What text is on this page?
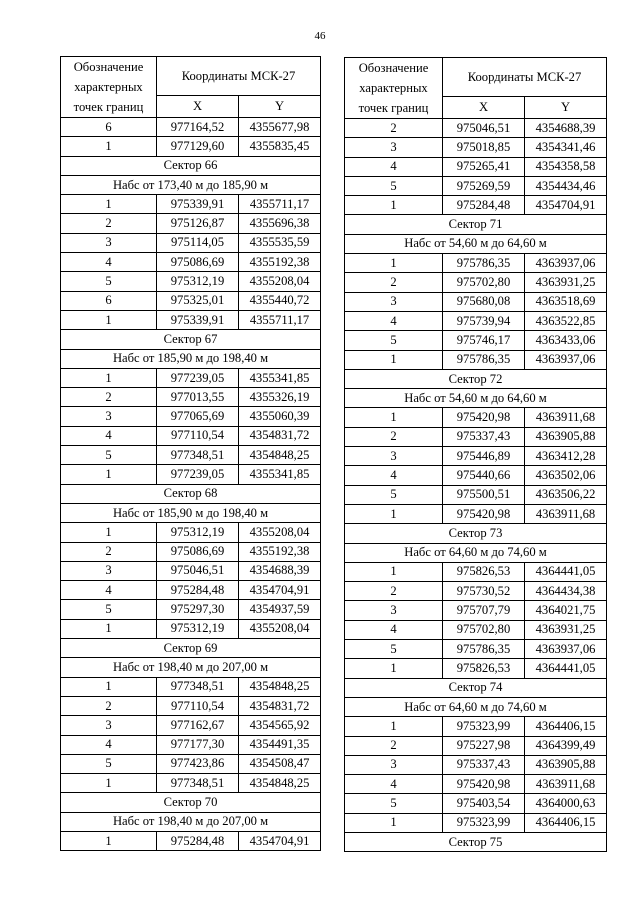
46
Обозначение характерных точек границ	Координаты МСК-27	
	X	Y
6	977164,52	4355677,98
1	977129,60	4355835,45
Сектор 66		
Нaбс от 173,40 м до 185,90 м		
1	975339,91	4355711,17
2	975126,87	4355696,38
3	975114,05	4355535,59
4	975086,69	4355192,38
5	975312,19	4355208,04
6	975325,01	4355440,72
1	975339,91	4355711,17
Сектор 67		
Нaбс от 185,90 м до 198,40 м		
1	977239,05	4355341,85
2	977013,55	4355326,19
3	977065,69	4355060,39
4	977110,54	4354831,72
5	977348,51	4354848,25
1	977239,05	4355341,85
Сектор 68		
Нaбс от 185,90 м до 198,40 м		
1	975312,19	4355208,04
2	975086,69	4355192,38
3	975046,51	4354688,39
4	975284,48	4354704,91
5	975297,30	4354937,59
1	975312,19	4355208,04
Сектор 69		
Нaбс от 198,40 м до 207,00 м		
1	977348,51	4354848,25
2	977110,54	4354831,72
3	977162,67	4354565,92
4	977177,30	4354491,35
5	977423,86	4354508,47
1	977348,51	4354848,25
Сектор 70		
Нaбс от 198,40 м до 207,00 м		
1	975284,48	4354704,91
Обозначение характерных точек границ	Координаты МСК-27	
	X	Y
2	975046,51	4354688,39
3	975018,85	4354341,46
4	975265,41	4354358,58
5	975269,59	4354434,46
1	975284,48	4354704,91
Сектор 71		
Нaбс от 54,60 м до 64,60 м		
1	975786,35	4363937,06
2	975702,80	4363931,25
3	975680,08	4363518,69
4	975739,94	4363522,85
5	975746,17	4363433,06
1	975786,35	4363937,06
Сектор 72		
Нaбс от 54,60 м до 64,60 м		
1	975420,98	4363911,68
2	975337,43	4363905,88
3	975446,89	4363412,28
4	975440,66	4363502,06
5	975500,51	4363506,22
1	975420,98	4363911,68
Сектор 73		
Нaбс от 64,60 м до 74,60 м		
1	975826,53	4364441,05
2	975730,52	4364434,38
3	975707,79	4364021,75
4	975702,80	4363931,25
5	975786,35	4363937,06
1	975826,53	4364441,05
Сектор 74		
Нaбс от 64,60 м до 74,60 м		
1	975323,99	4364406,15
2	975227,98	4364399,49
3	975337,43	4363905,88
4	975420,98	4363911,68
5	975403,54	4364000,63
1	975323,99	4364406,15
Сектор 75		
